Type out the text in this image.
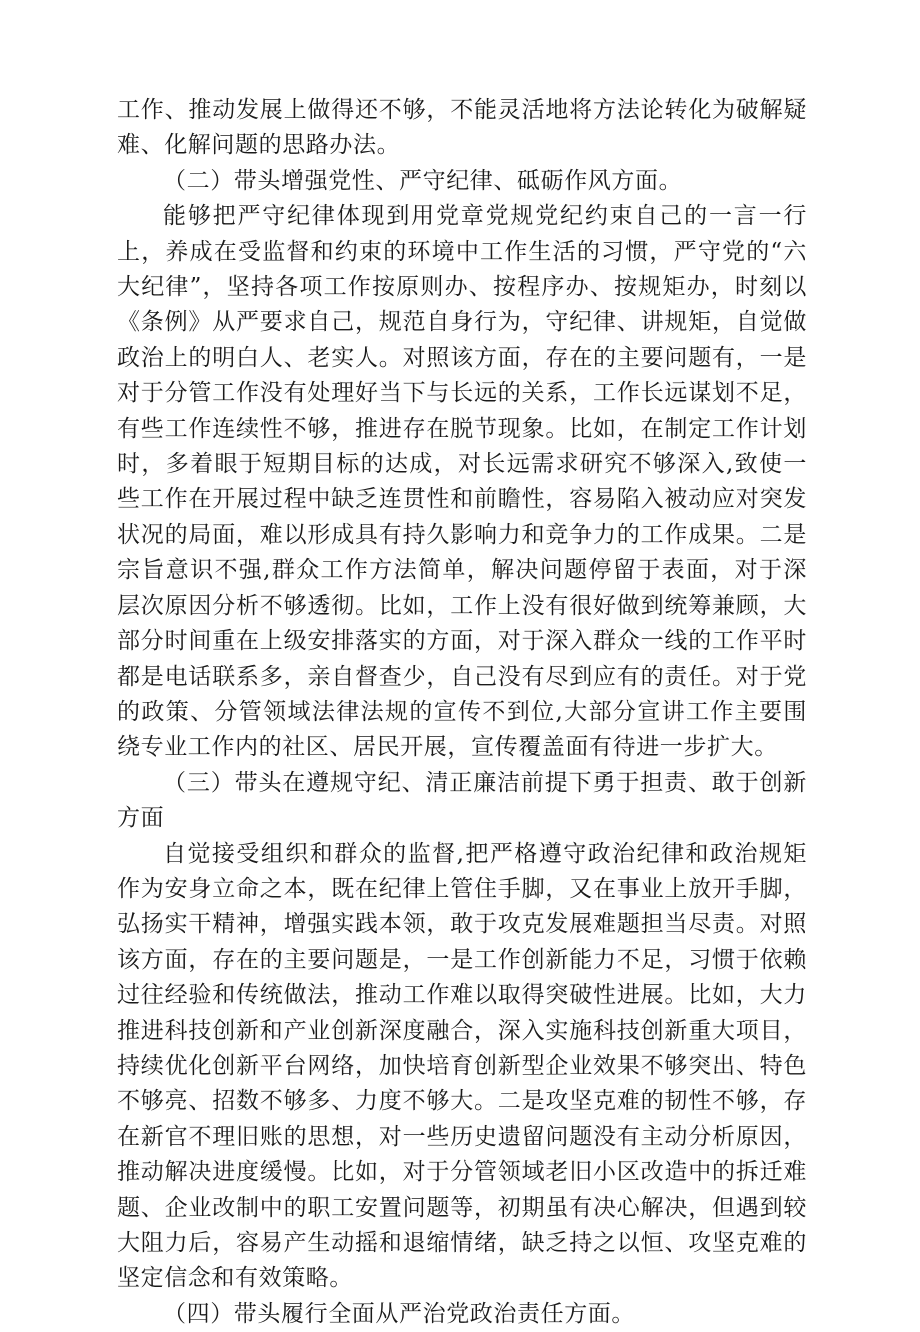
工作、推动发展上做得还不够，不能灵活地将方法论转化为破解疑难、化解问题的思路办法。

（二）带头增强党性、严守纪律、砥砺作风方面。

能够把严守纪律体现到用党章党规党纪约束自己的一言一行上，养成在受监督和约束的环境中工作生活的习惯，严守党的“六大纪律”，坚持各项工作按原则办、按程序办、按规矩办，时刻以《条例》从严要求自己，规范自身行为，守纪律、讲规矩，自觉做政治上的明白人、老实人。对照该方面，存在的主要问题有，一是对于分管工作没有处理好当下与长远的关系，工作长远谋划不足，有些工作连续性不够，推进存在脱节现象。比如，在制定工作计划时，多着眼于短期目标的达成，对长远需求研究不够深入,致使一些工作在开展过程中缺乏连贯性和前瞻性，容易陷入被动应对突发状况的局面，难以形成具有持久影响力和竞争力的工作成果。二是宗旨意识不强,群众工作方法简单，解决问题停留于表面，对于深层次原因分析不够透彻。比如，工作上没有很好做到统筹兼顾，大部分时间重在上级安排落实的方面，对于深入群众一线的工作平时都是电话联系多，亲自督查少，自己没有尽到应有的责任。对于党的政策、分管领域法律法规的宣传不到位,大部分宣讲工作主要围绕专业工作内的社区、居民开展，宣传覆盖面有待进一步扩大。

（三）带头在遵规守纪、清正廉洁前提下勇于担责、敢于创新方面

自觉接受组织和群众的监督,把严格遵守政治纪律和政治规矩作为安身立命之本，既在纪律上管住手脚，又在事业上放开手脚，弘扬实干精神，增强实践本领，敢于攻克发展难题担当尽责。对照该方面，存在的主要问题是，一是工作创新能力不足，习惯于依赖过往经验和传统做法，推动工作难以取得突破性进展。比如，大力推进科技创新和产业创新深度融合，深入实施科技创新重大项目，持续优化创新平台网络，加快培育创新型企业效果不够突出、特色不够亮、招数不够多、力度不够大。二是攻坚克难的韧性不够，存在新官不理旧账的思想，对一些历史遗留问题没有主动分析原因，推动解决进度缓慢。比如，对于分管领域老旧小区改造中的拆迁难题、企业改制中的职工安置问题等，初期虽有决心解决，但遇到较大阻力后，容易产生动摇和退缩情绪，缺乏持之以恒、攻坚克难的坚定信念和有效策略。

（四）带头履行全面从严治党政治责任方面。
